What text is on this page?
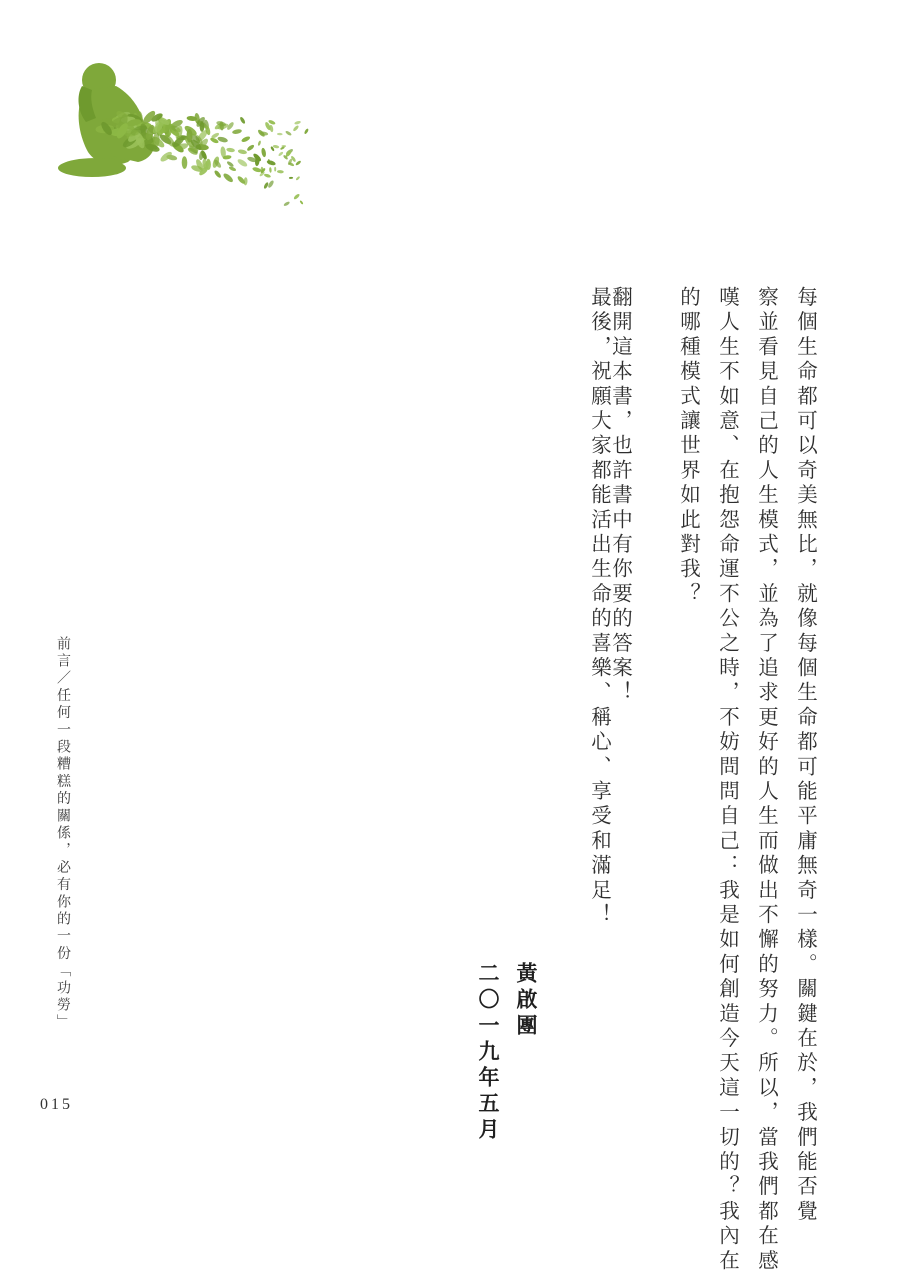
每個生命都可以奇美無比，就像每個生命都可能平庸無奇一樣。關鍵在於，我們能否覺
察並看見自己的人生模式，並為了追求更好的人生而做出不懈的努力。所以，當我們都在感
嘆人生不如意、在抱怨命運不公之時，不妨問問自己：我是如何創造今天這一切的？我內在
的哪種模式讓世界如此對我？
翻開這本書，也許書中有你要的答案！
最後，祝願大家都能活出生命的喜樂、稱心、享受和滿足！
黃啟團
二〇一九年五月
前言／任何一段糟糕的關係，必有你的一份「功勞」
015
